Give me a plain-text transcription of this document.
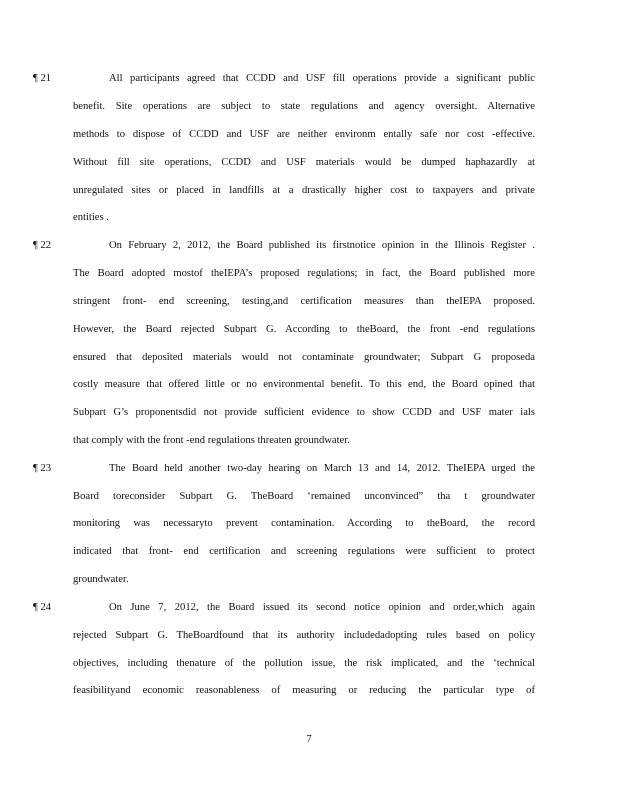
¶ 21	All participants agreed that CCDD and USF fill operations provide a significant public
benefit. Site operations are subject to state regulations and agency oversight. Alternative
methods to dispose of CCDD and USF are neither environm entally safe nor cost -effective.
Without fill site operations, CCDD and USF materials would be dumped haphazardly at
unregulated sites or placed in landfills at a drastically higher cost to taxpayers and private
entities .
¶ 22	On February 2, 2012, the Board published its firstnotice opinion in the Illinois Register .
The Board adopted mostof theIEPA’s proposed regulations; in fact, the Board published more
stringent front- end screening, testing,and certification measures than theIEPA proposed.
However, the Board rejected Subpart G. According to theBoard, the front -end regulations
ensured that deposited materials would not contaminate groundwater; Subpart G proposeda
costly measure that offered little or no environmental benefit. To this end, the Board opined that
Subpart G’s proponentsdid not provide sufficient evidence to show CCDD and USF mater ials
that comply with the front -end regulations threaten groundwater.
¶ 23	The Board held another two-day hearing on March 13 and 14, 2012. TheIEPA urged the
Board toreconsider Subpart G. TheBoard ‘remained unconvinced” tha t groundwater
monitoring was necessaryto prevent contamination. According to theBoard, the record
indicated that front- end certification and screening regulations were sufficient to protect
groundwater.
¶ 24	On June 7, 2012, the Board issued its second notice opinion and order,which again
rejected Subpart G. TheBoardfound that its authority includedadopting rules based on policy
objectives, including thenature of the pollution issue, the risk implicated, and the ‘technical
feasibilityand economic reasonableness of measuring or reducing the particular type of
7
